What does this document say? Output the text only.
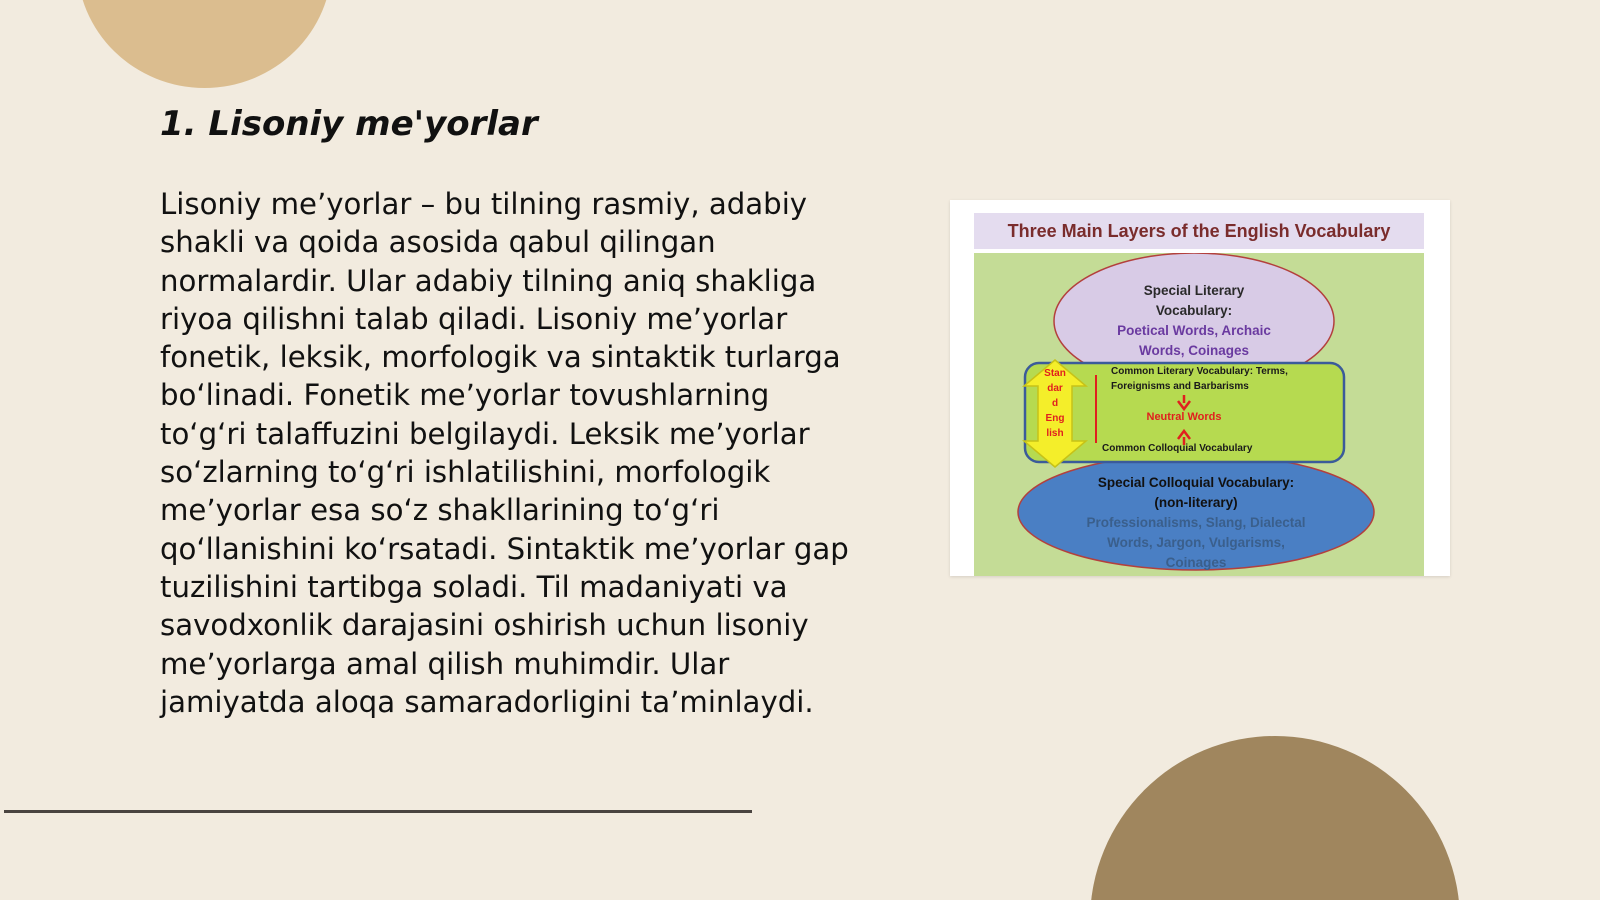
1. Lisoniy me'yorlar

Lisoniy me’yorlar – bu tilning rasmiy, adabiy shakli va qoida asosida qabul qilingan normalardir. Ular adabiy tilning aniq shakliga riyoa qilishni talab qiladi. Lisoniy me’yorlar fonetik, leksik, morfologik va sintaktik turlarga bo‘linadi. Fonetik me’yorlar tovushlarning to‘g‘ri talaffuzini belgilaydi. Leksik me’yorlar so‘zlarning to‘g‘ri ishlatilishini, morfologik me’yorlar esa so‘z shakllarining to‘g‘ri qo‘llanishini ko‘rsatadi. Sintaktik me’yorlar gap tuzilishini tartibga soladi. Til madaniyati va savodxonlik darajasini oshirish uchun lisoniy me’yorlarga amal qilish muhimdir. Ular jamiyatda aloqa samaradorligini ta’minlaydi.

Three Main Layers of the English Vocabulary
Special Literary
Vocabulary:
Poetical Words, Archaic
Words, Coinages
Common Literary Vocabulary: Terms,
Foreignisms and Barbarisms
Neutral Words
Common Colloquial Vocabulary
Stan
dar
d
Eng
lish
Special Colloquial Vocabulary:
(non-literary)
Professionalisms, Slang, Dialectal
Words, Jargon, Vulgarisms,
Coinages
